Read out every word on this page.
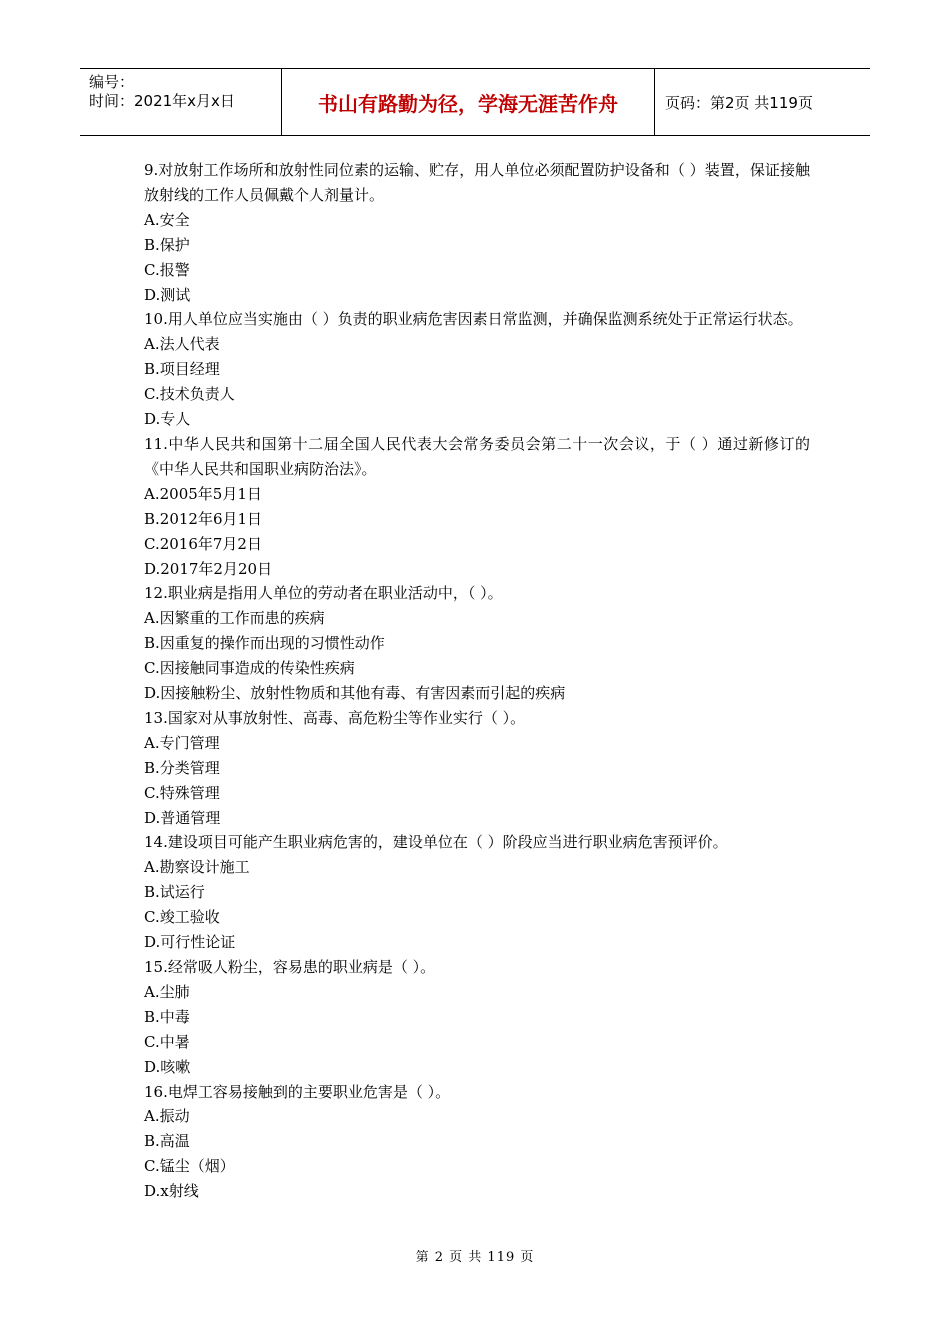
编号：
时间：2021年x月x日	书山有路勤为径，学海无涯苦作舟	页码：第2页 共119页

9.对放射工作场所和放射性同位素的运输、贮存，用人单位必须配置防护设备和（ ）装置，保证接触放射线的工作人员佩戴个人剂量计。

A.安全

B.保护

C.报警

D.测试

10.用人单位应当实施由（ ）负责的职业病危害因素日常监测，并确保监测系统处于正常运行状态。

A.法人代表

B.项目经理

C.技术负责人

D.专人

11.中华人民共和国第十二届全国人民代表大会常务委员会第二十一次会议，于（ ）通过新修订的《中华人民共和国职业病防治法》。

A.2005年5月1日

B.2012年6月1日

C.2016年7月2日

D.2017年2月20日

12.职业病是指用人单位的劳动者在职业活动中，（ ）。

A.因繁重的工作而患的疾病

B.因重复的操作而出现的习惯性动作

C.因接触同事造成的传染性疾病

D.因接触粉尘、放射性物质和其他有毒、有害因素而引起的疾病

13.国家对从事放射性、高毒、高危粉尘等作业实行（ ）。

A.专门管理

B.分类管理

C.特殊管理

D.普通管理

14.建设项目可能产生职业病危害的，建设单位在（ ）阶段应当进行职业病危害预评价。

A.勘察设计施工

B.试运行

C.竣工验收

D.可行性论证

15.经常吸人粉尘，容易患的职业病是（ ）。

A.尘肺

B.中毒

C.中暑

D.咳嗽

16.电焊工容易接触到的主要职业危害是（ ）。

A.振动

B.高温

C.锰尘（烟）

D.x射线

第 2 页 共 119 页
